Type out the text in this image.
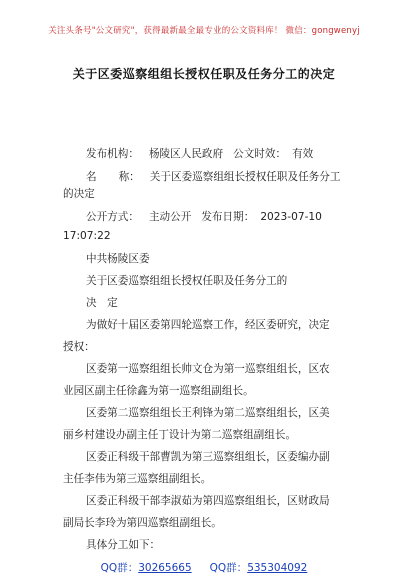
关注头条号"公文研究"，获得最新最全最专业的公文资料库！ 微信：gongwenyj
关于区委巡察组组长授权任职及任务分工的决定
发布机构： 杨陵区人民政府 公文时效： 有效
名 称： 关于区委巡察组组长授权任职及任务分工
的决定
公开方式： 主动公开 发布日期： 2023-07-10
17:07:22
中共杨陵区委
关于区委巡察组组长授权任职及任务分工的
决　定
为做好十届区委第四轮巡察工作，经区委研究，决定
授权：
区委第一巡察组组长帅文仓为第一巡察组组长，区农
业园区副主任徐鑫为第一巡察组副组长。
区委第二巡察组组长王利锋为第二巡察组组长，区美
丽乡村建设办副主任丁设计为第二巡察组副组长。
区委正科级干部曹凯为第三巡察组组长，区委编办副
主任李伟为第三巡察组副组长。
区委正科级干部李淑茹为第四巡察组组长，区财政局
副局长李玲为第四巡察组副组长。
具体分工如下：
QQ群：30265665 QQ群：535304092
